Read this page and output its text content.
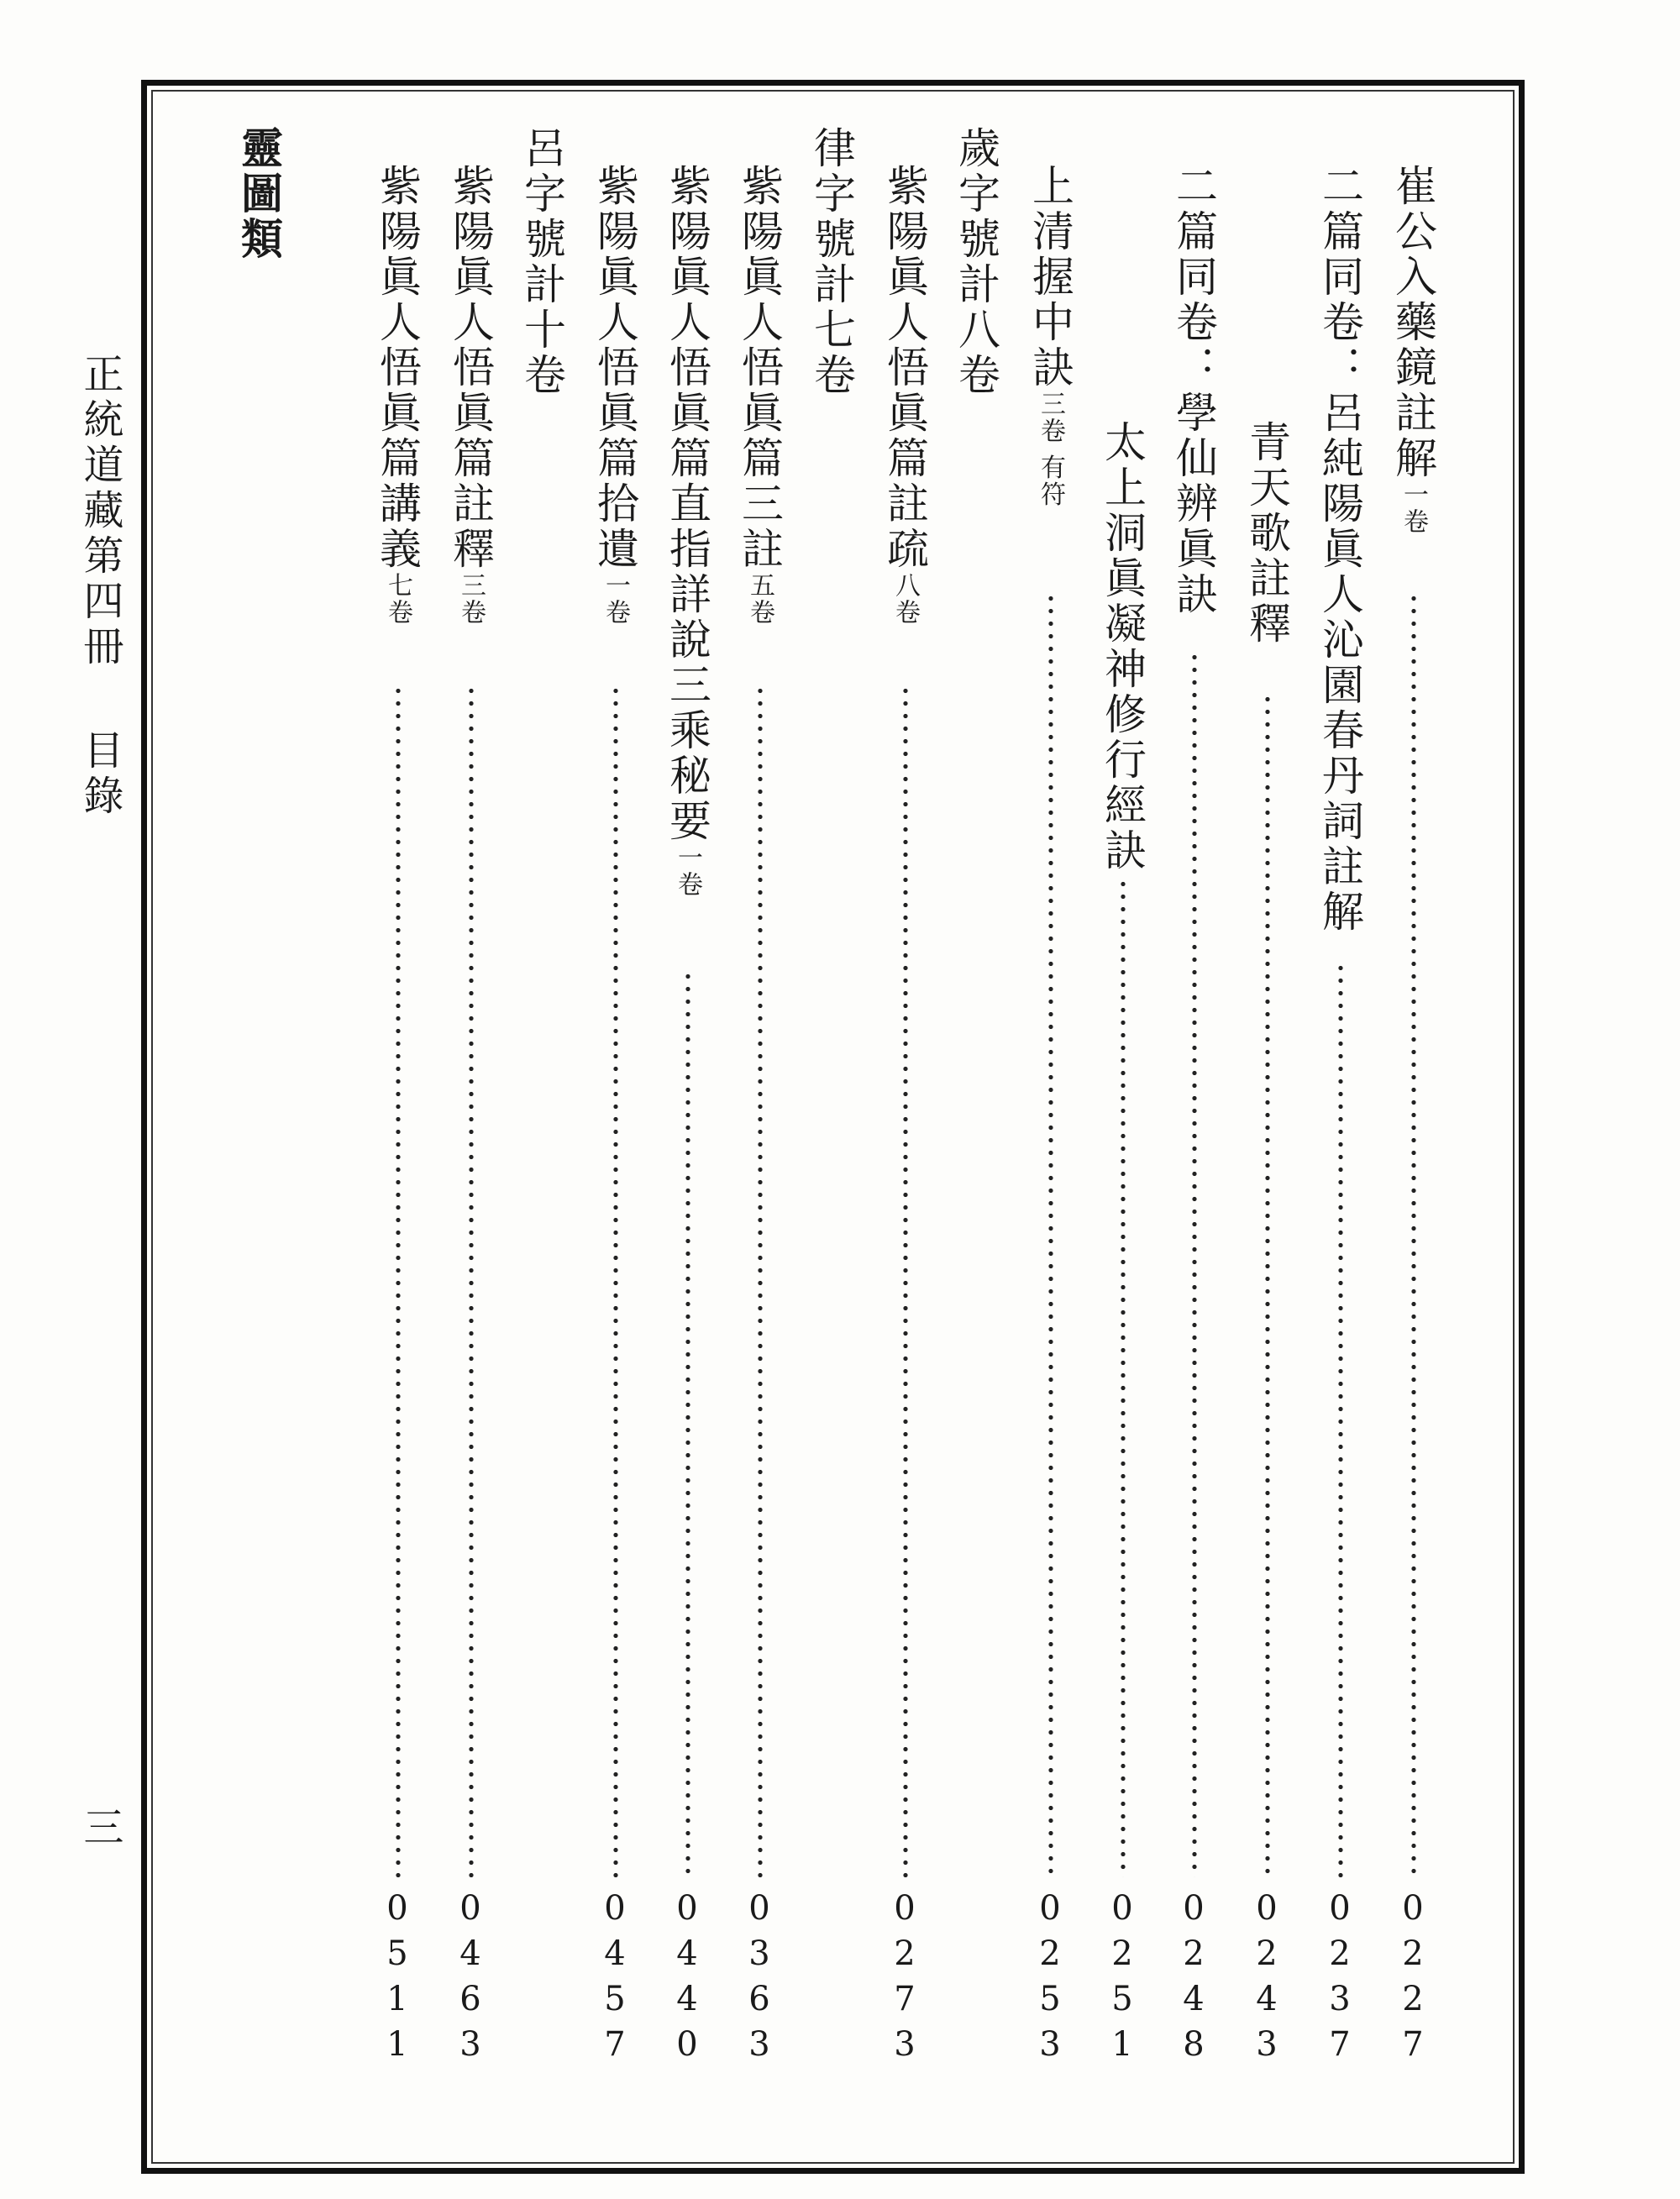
正統道藏第四冊目錄
三
崔公入藥鏡註解一卷
0
2
2
7
二篇同卷：呂純陽眞人沁園春丹詞註解
0
2
3
7
青天歌註釋
0
2
4
3
二篇同卷：學仙辨眞訣
0
2
4
8
太上洞眞凝神修行經訣
0
2
5
1
上清握中訣三卷 有符
0
2
5
3
歲字號計八卷
紫陽眞人悟眞篇註疏八卷
0
2
7
3
律字號計七卷
紫陽眞人悟眞篇三註五卷
0
3
6
3
紫陽眞人悟眞篇直指詳說三乘秘要一卷
0
4
4
0
紫陽眞人悟眞篇拾遺一卷
0
4
5
7
呂字號計十卷
紫陽眞人悟眞篇註釋三卷
0
4
6
3
紫陽眞人悟眞篇講義七卷
0
5
1
1
靈圖類
